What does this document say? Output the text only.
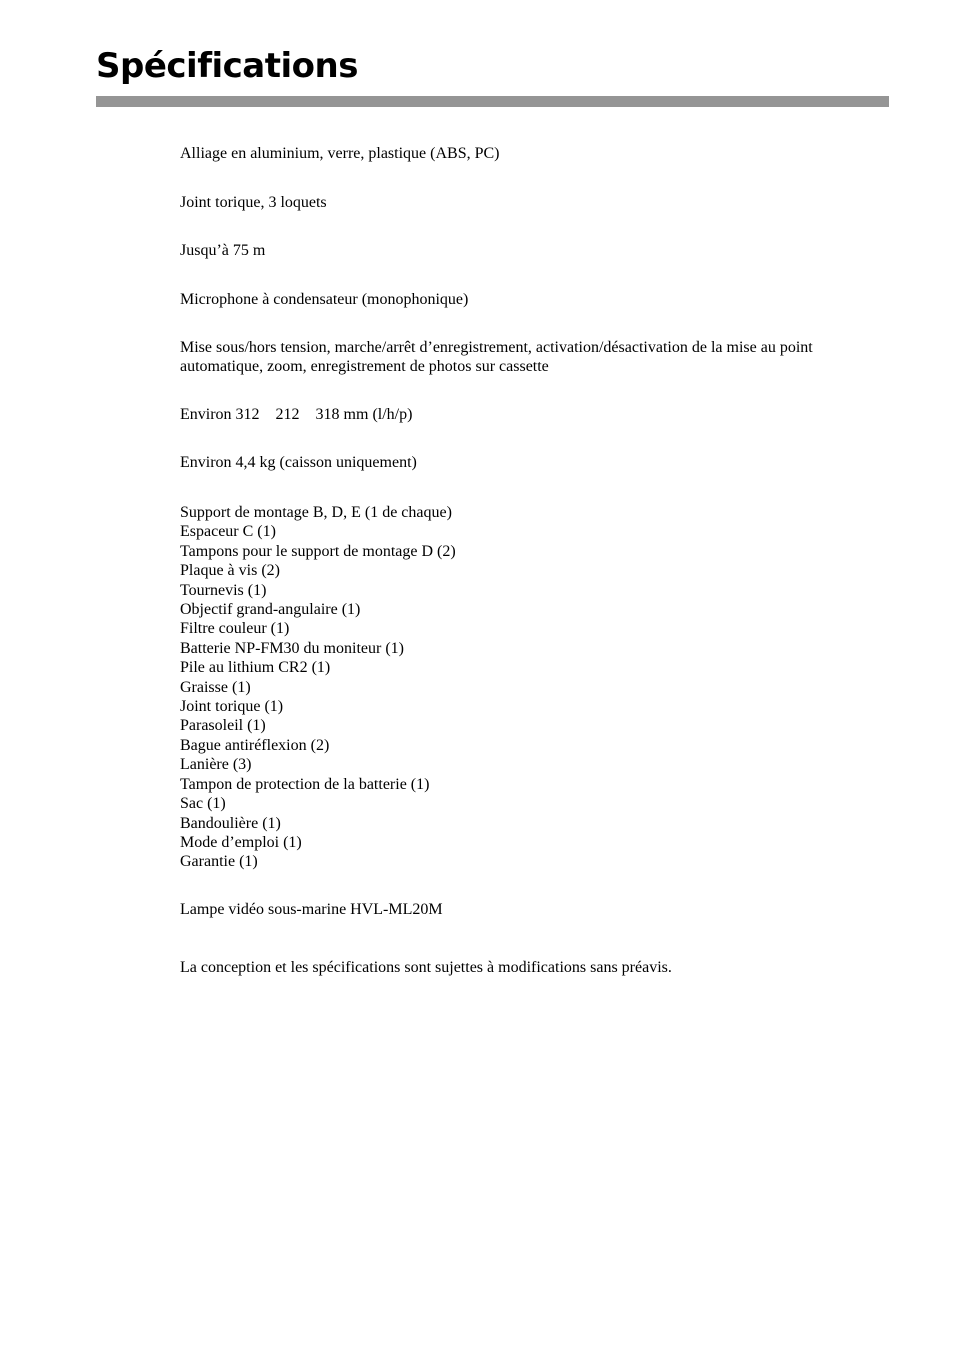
Spécifications

Alliage en aluminium, verre, plastique (ABS, PC)

Joint torique, 3 loquets

Jusqu’à 75 m

Microphone à condensateur (monophonique)

Mise sous/hors tension, marche/arrêt d’enregistrement, activation/désactivation de la mise au point automatique, zoom, enregistrement de photos sur cassette

Environ 312    212    318 mm (l/h/p)

Environ 4,4 kg (caisson uniquement)

Support de montage B, D, E (1 de chaque)
Espaceur C (1)
Tampons pour le support de montage D (2)
Plaque à vis (2)
Tournevis (1)
Objectif grand-angulaire (1)
Filtre couleur (1)
Batterie NP-FM30 du moniteur (1)
Pile au lithium CR2 (1)
Graisse (1)
Joint torique (1)
Parasoleil (1)
Bague antiréflexion (2)
Lanière (3)
Tampon de protection de la batterie (1)
Sac (1)
Bandoulière (1)
Mode d’emploi (1)
Garantie (1)

Lampe vidéo sous-marine HVL-ML20M

La conception et les spécifications sont sujettes à modifications sans préavis.
